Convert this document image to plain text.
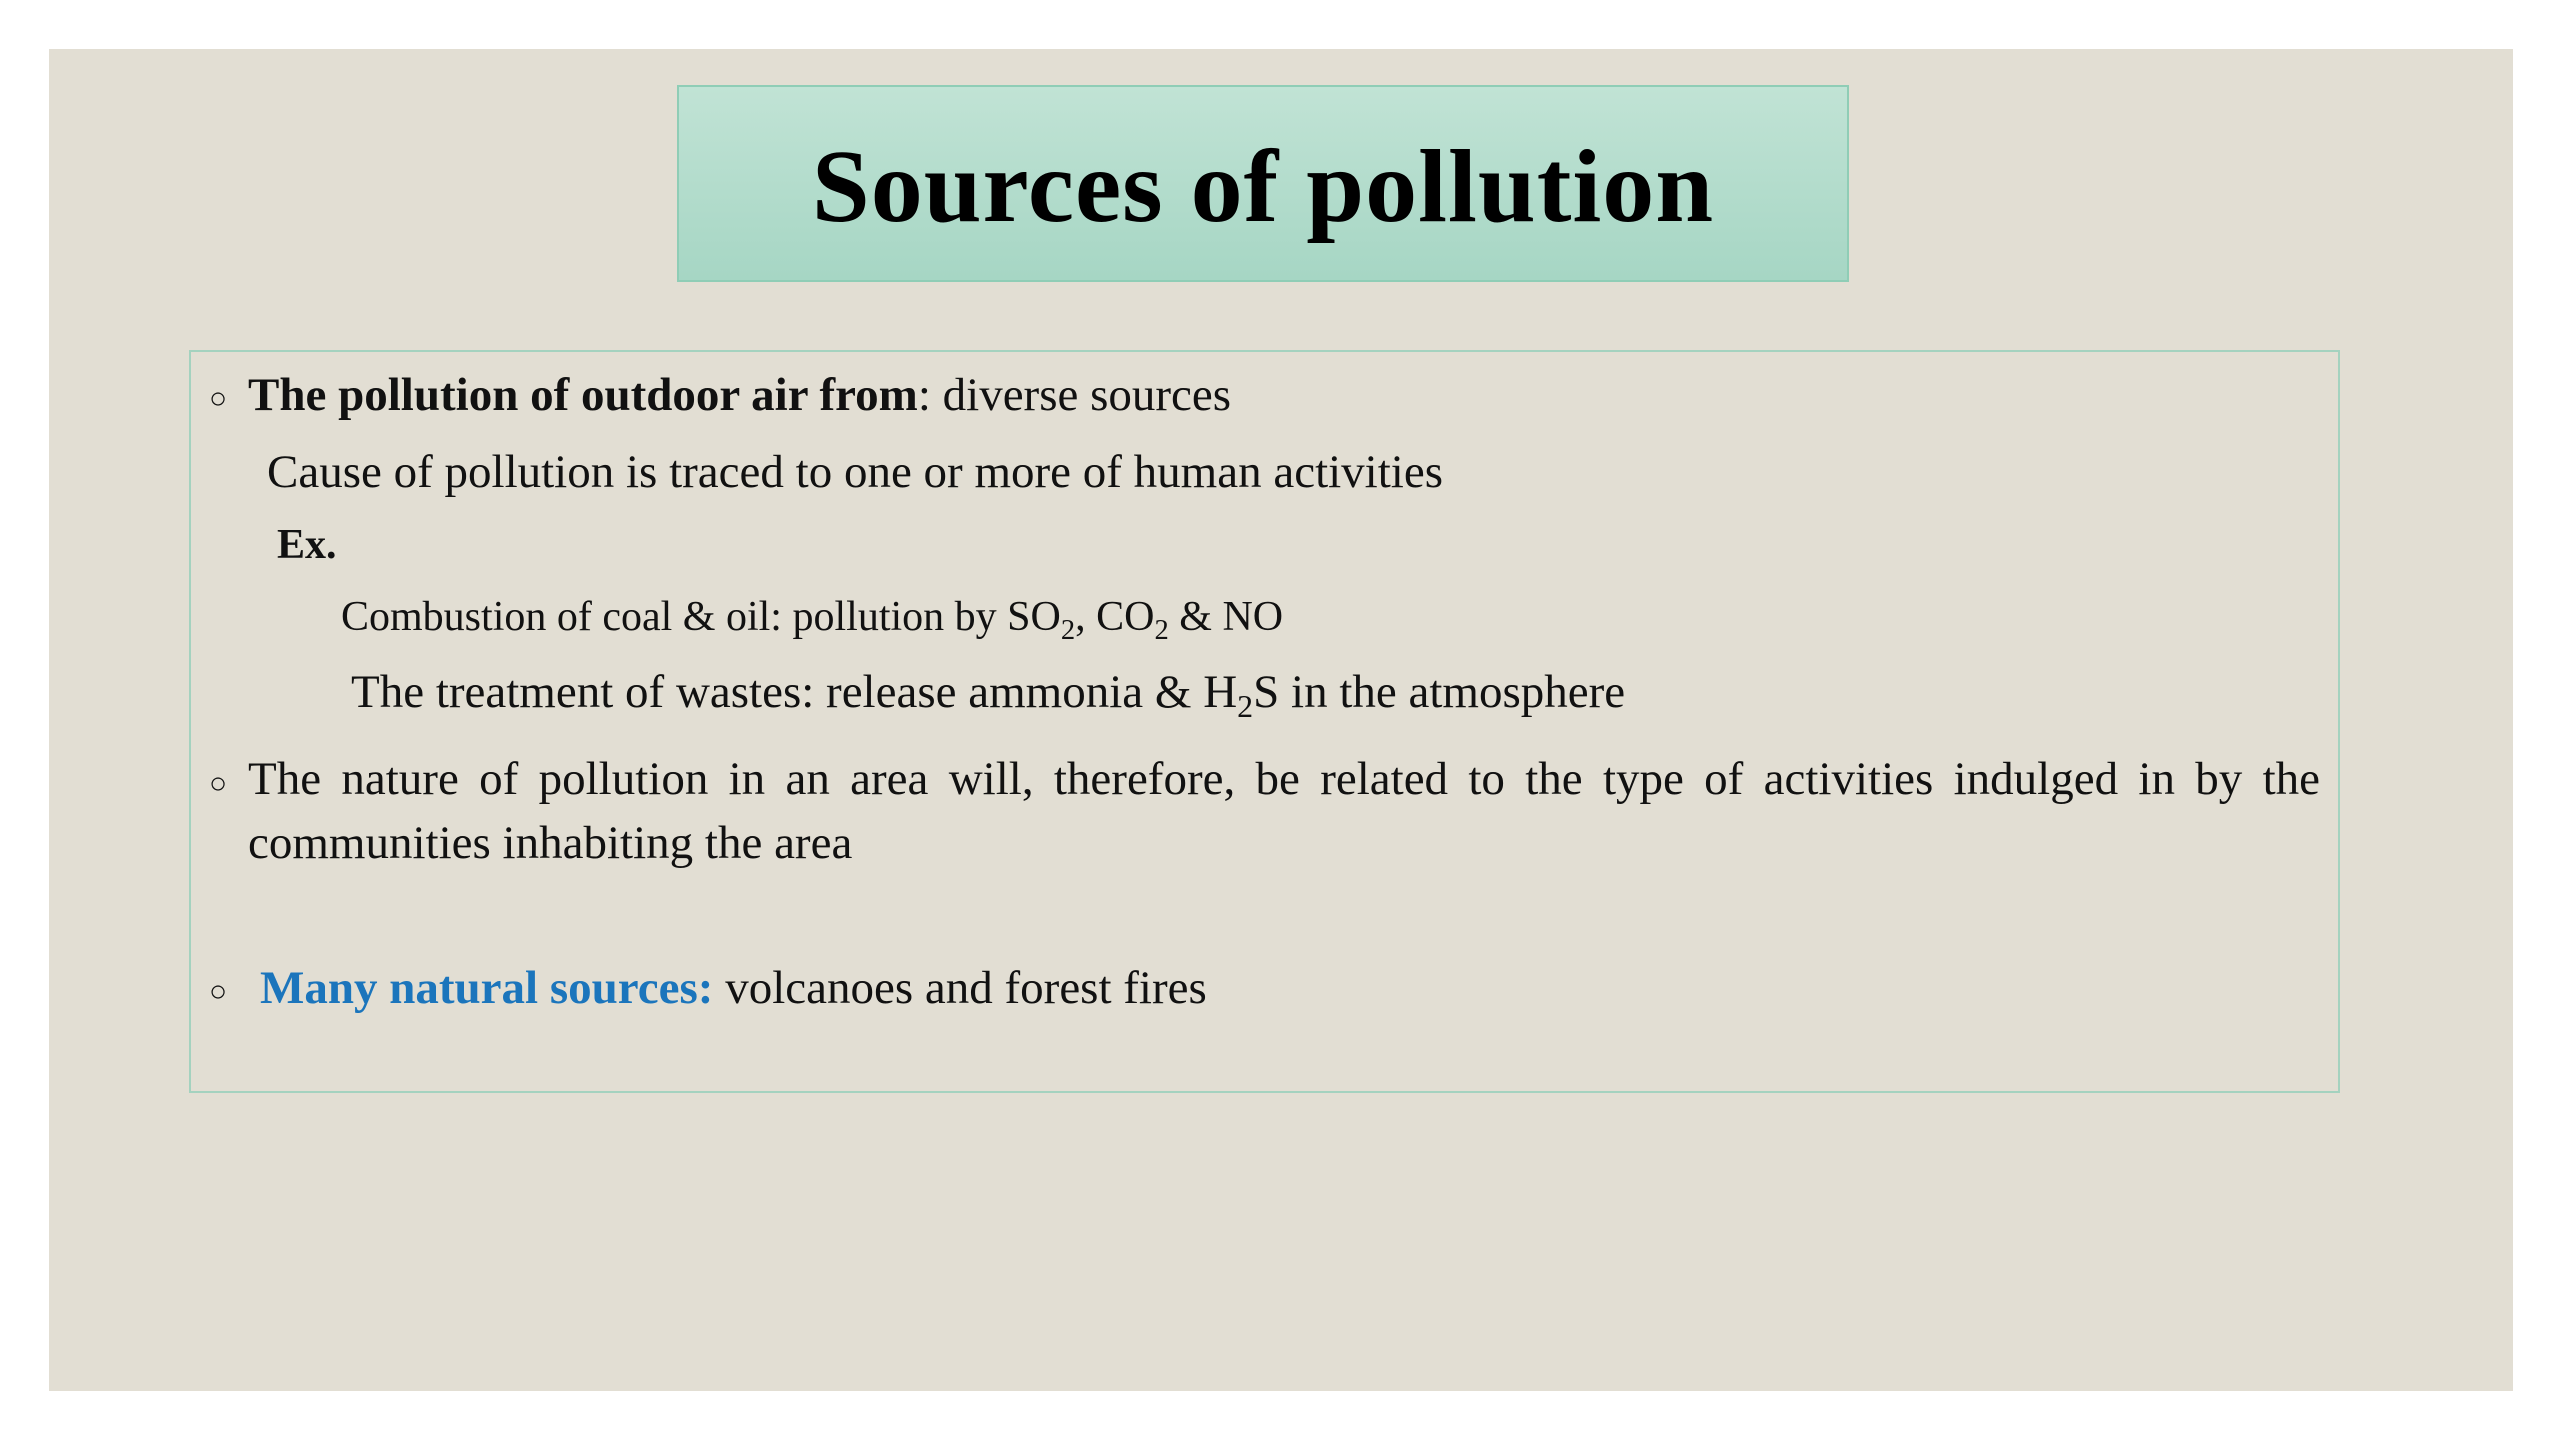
Sources of pollution
○ The pollution of outdoor air from: diverse sources
Cause of pollution is traced to one or more of human activities
Ex.
Combustion of coal & oil: pollution by $SO_2$, $CO_2$ & NO
The treatment of wastes: release ammonia & $H_2S$ in the atmosphere
○ The nature of pollution in an area will, therefore, be related to the type of activities indulged in by the communities inhabiting the area
○ Many natural sources: volcanoes and forest fires
